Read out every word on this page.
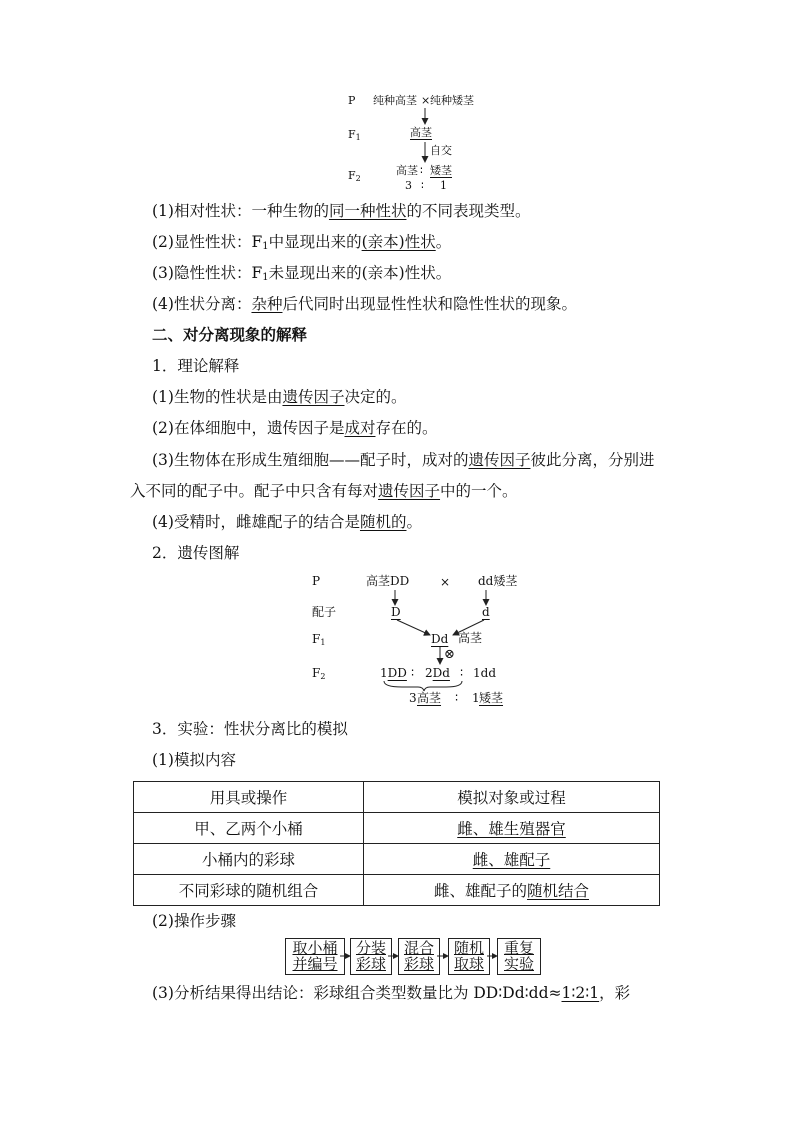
P 纯种高茎 × 纯种矮茎
$F_1$	高茎
自交
$F_2$
高茎 ∶ 矮茎
3 ∶ 1
(1)相对性状：一种生物的同一种性状的不同表现类型。
(2)显性性状：$F_1$中显现出来的(亲本)性状。
(3)隐性性状：$F_1$未显现出来的(亲本)性状。
(4)性状分离：杂种后代同时出现显性性状和隐性性状的现象。
二、对分离现象的解释
1．理论解释
(1)生物的性状是由遗传因子决定的。
(2)在体细胞中，遗传因子是成对存在的。
(3)生物体在形成生殖细胞——配子时，成对的遗传因子彼此分离，分别进
入不同的配子中。配子中只含有每对遗传因子中的一个。
(4)受精时，雌雄配子的结合是随机的。
2．遗传图解
P
配子
$F_1$
$F_2$
高茎DD	× dd矮茎
D	d
Dd 高茎
⊗
1DD ∶ 2Dd ∶ 1dd
3 高茎 ∶ 1 矮茎
3．实验：性状分离比的模拟
(1)模拟内容
用具或操作	模拟对象或过程
甲、乙两个小桶	雌、雄生殖器官
小桶内的彩球	雌、雄配子
不同彩球的随机组合	雌、雄配子的随机结合
(2)操作步骤
取小桶
并编号
分装
彩球
混合
彩球
随机
取球
重复
实验
(3)分析结果得出结论：彩球组合类型数量比为 DD∶Dd∶dd≈1∶2∶1，彩
